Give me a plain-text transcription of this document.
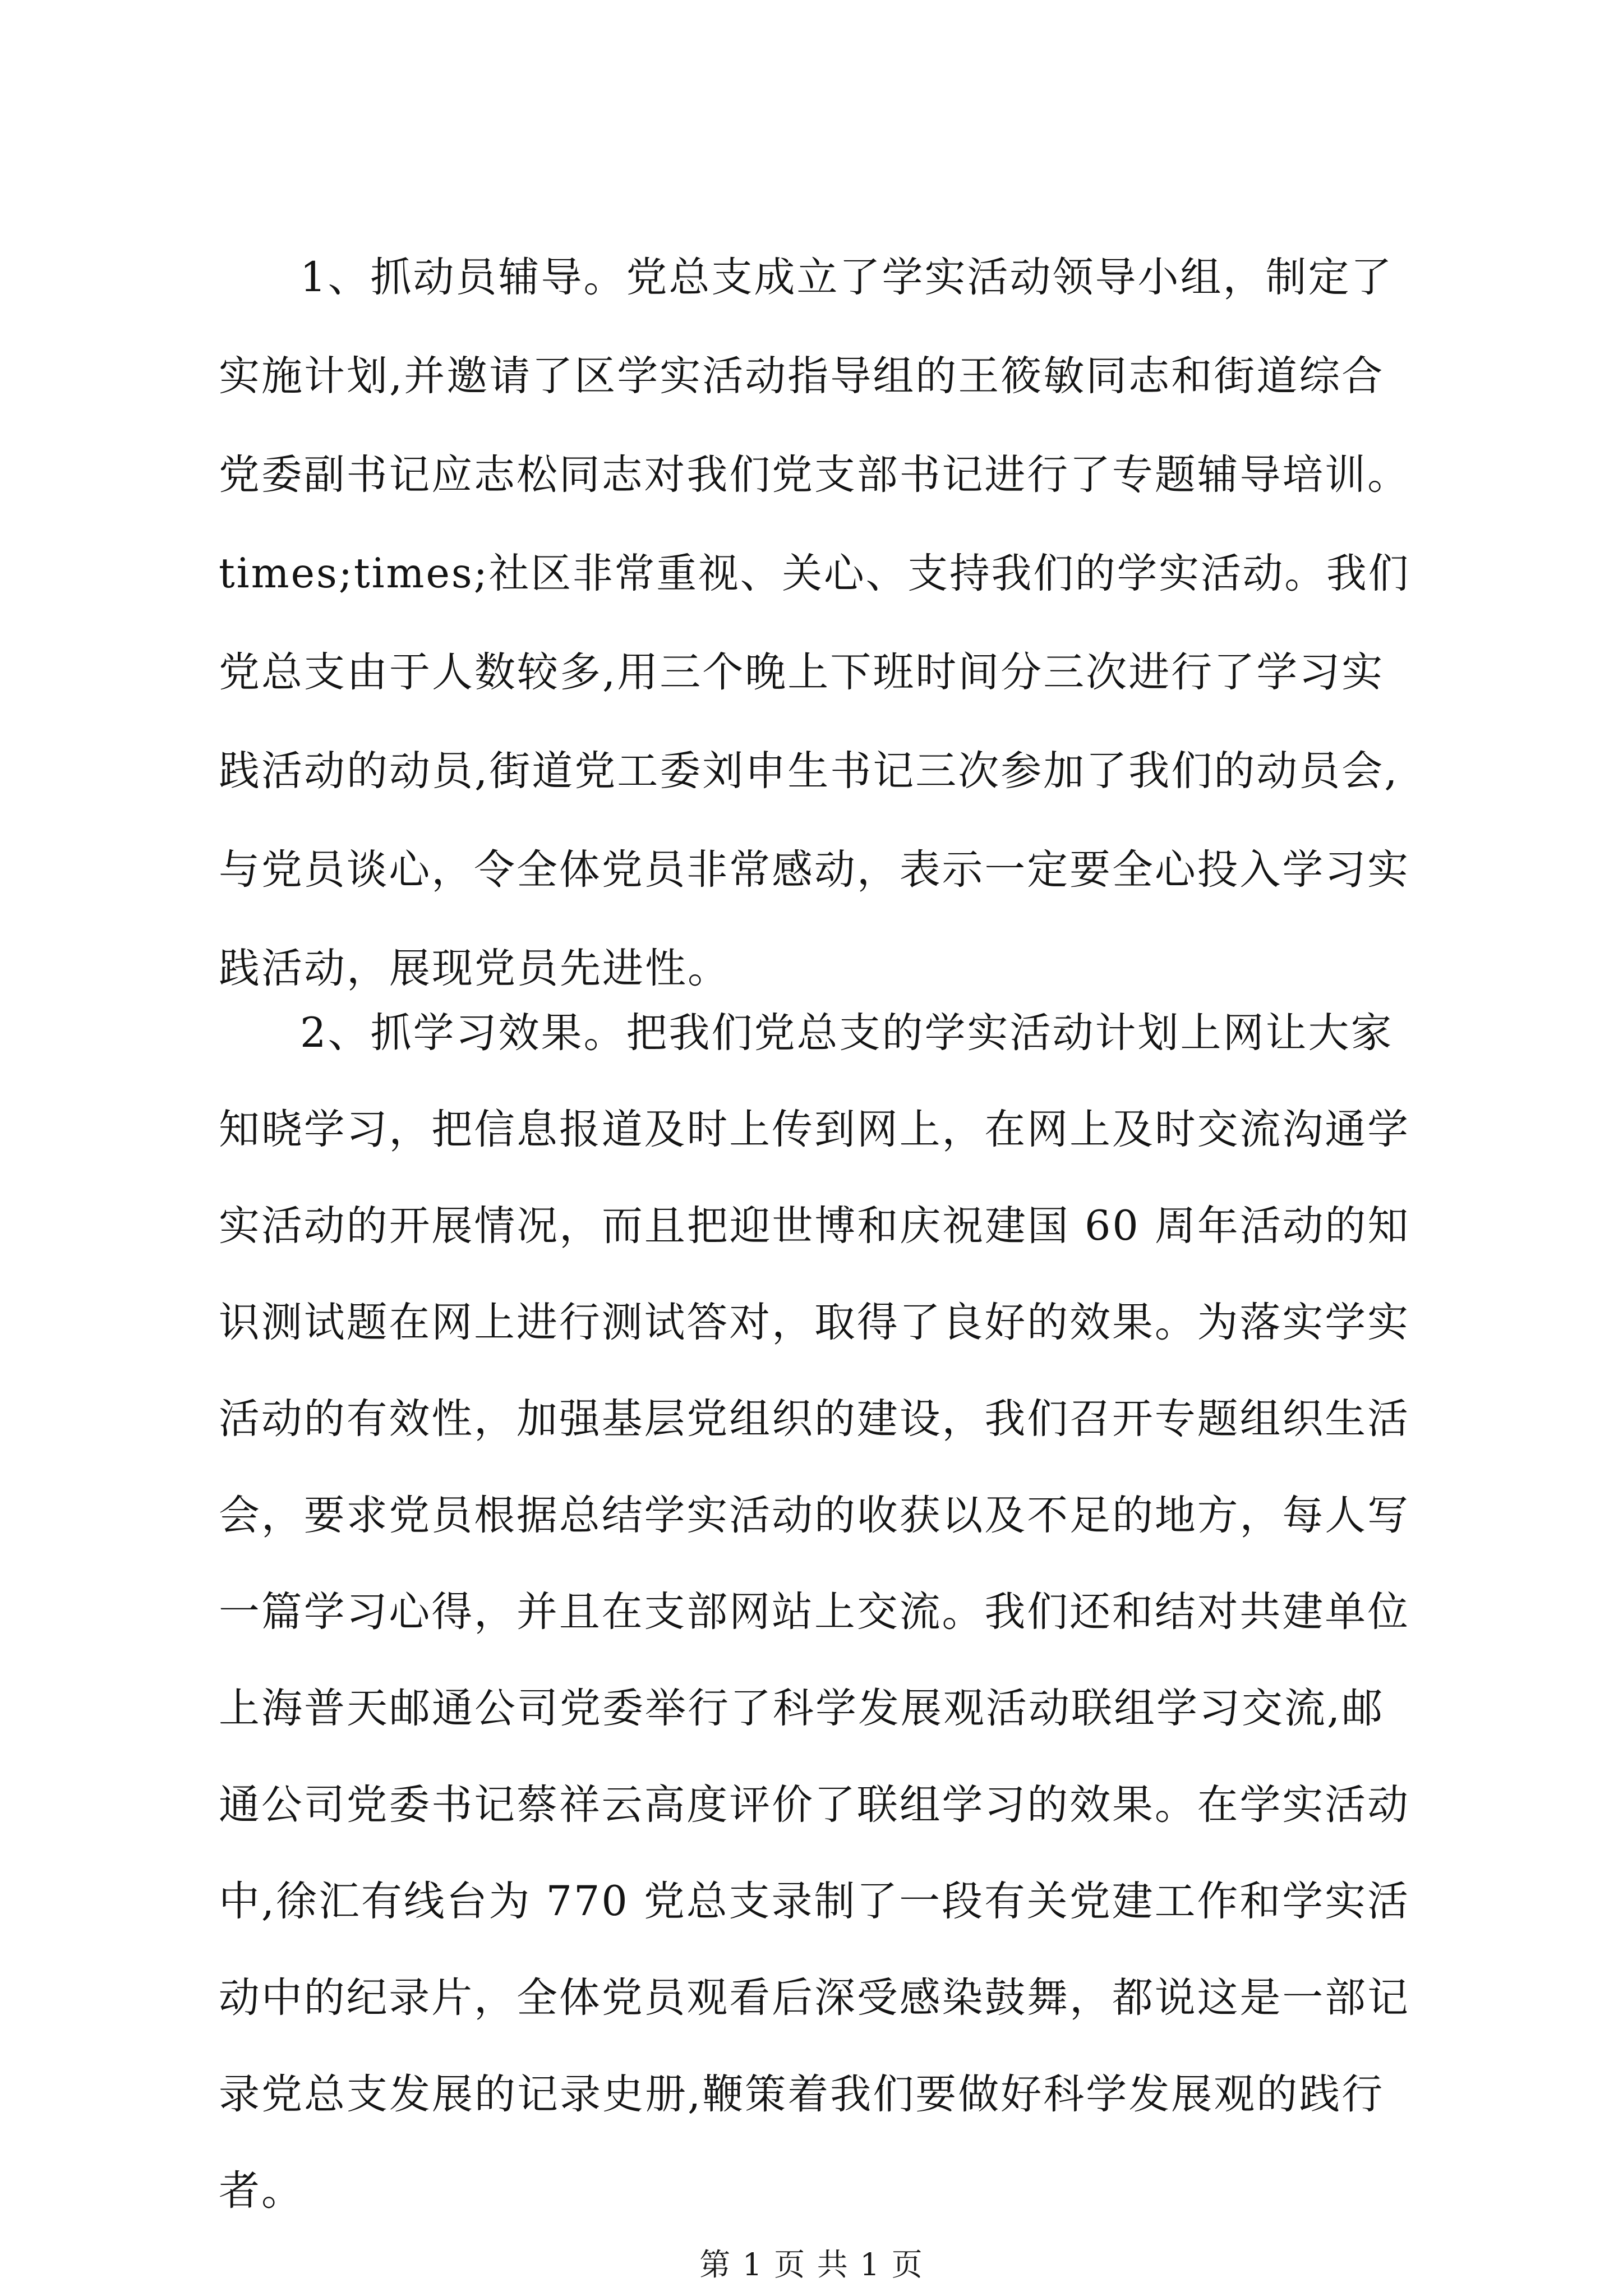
1、抓动员辅导。党总支成立了学实活动领导小组，制定了
实施计划,并邀请了区学实活动指导组的王筱敏同志和街道综合
党委副书记应志松同志对我们党支部书记进行了专题辅导培训。
times;times;社区非常重视、关心、支持我们的学实活动。我们
党总支由于人数较多,用三个晚上下班时间分三次进行了学习实
践活动的动员,街道党工委刘申生书记三次参加了我们的动员会,
与党员谈心，令全体党员非常感动，表示一定要全心投入学习实
践活动，展现党员先进性。
2、抓学习效果。把我们党总支的学实活动计划上网让大家
知晓学习，把信息报道及时上传到网上，在网上及时交流沟通学
实活动的开展情况，而且把迎世博和庆祝建国 60 周年活动的知
识测试题在网上进行测试答对，取得了良好的效果。为落实学实
活动的有效性，加强基层党组织的建设，我们召开专题组织生活
会，要求党员根据总结学实活动的收获以及不足的地方，每人写
一篇学习心得，并且在支部网站上交流。我们还和结对共建单位
上海普天邮通公司党委举行了科学发展观活动联组学习交流,邮
通公司党委书记蔡祥云高度评价了联组学习的效果。在学实活动
中,徐汇有线台为 770 党总支录制了一段有关党建工作和学实活
动中的纪录片，全体党员观看后深受感染鼓舞，都说这是一部记
录党总支发展的记录史册,鞭策着我们要做好科学发展观的践行
者。
第 1 页 共 1 页
